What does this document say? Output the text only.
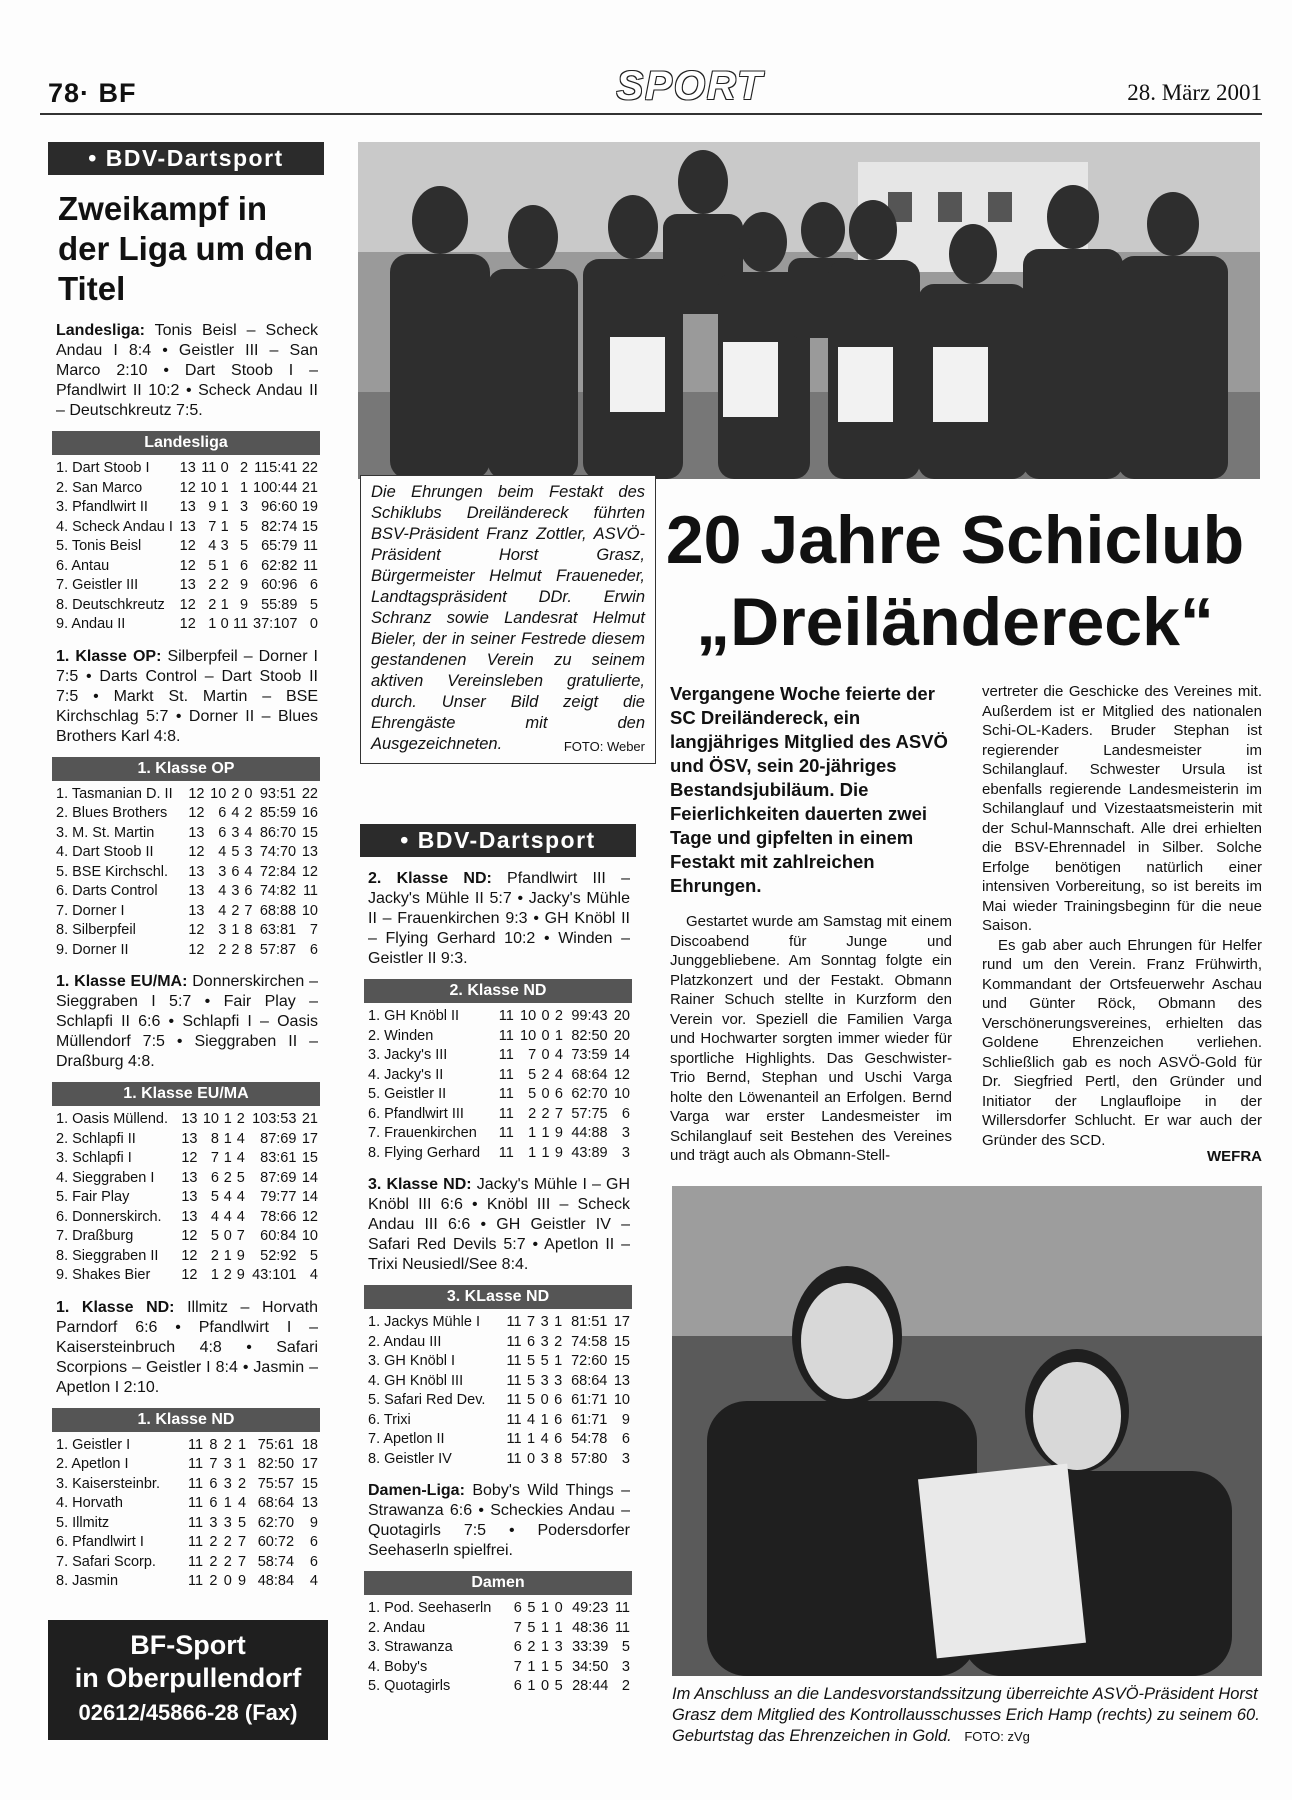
78· BF	SPORT	28. März 2001
• BDV-Dartsport
Zweikampf in der Liga um den Titel

Landesliga: Tonis Beisl – Scheck Andau I 8:4 • Geistler III – San Marco 2:10 • Dart Stoob I – Pfandlwirt II 10:2 • Scheck Andau II – Deutschkreutz 7:5.

Landesliga
1. Dart Stoob I	13	11	0	2	115:41	22
2. San Marco	12	10	1	1	100:44	21
3. Pfandlwirt II	13	9	1	3	96:60	19
4. Scheck Andau I	13	7	1	5	82:74	15
5. Tonis Beisl	12	4	3	5	65:79	11
6. Antau	12	5	1	6	62:82	11
7. Geistler III	13	2	2	9	60:96	6
8. Deutschkreutz	12	2	1	9	55:89	5
9. Andau II	12	1	0	11	37:107	0

1. Klasse OP: Silberpfeil – Dorner I 7:5 • Darts Control – Dart Stoob II 7:5 • Markt St. Martin – BSE Kirchschlag 5:7 • Dorner II – Blues Brothers Karl 4:8.

1. Klasse OP
1. Tasmanian D. II	12	10	2	0	93:51	22
2. Blues Brothers	12	6	4	2	85:59	16
3. M. St. Martin	13	6	3	4	86:70	15
4. Dart Stoob II	12	4	5	3	74:70	13
5. BSE Kirchschl.	13	3	6	4	72:84	12
6. Darts Control	13	4	3	6	74:82	11
7. Dorner I	13	4	2	7	68:88	10
8. Silberpfeil	12	3	1	8	63:81	7
9. Dorner II	12	2	2	8	57:87	6

1. Klasse EU/MA: Donnerskirchen – Sieggraben I 5:7 • Fair Play – Schlapfi II 6:6 • Schlapfi I – Oasis Müllendorf 7:5 • Sieggraben II – Draßburg 4:8.

1. Klasse EU/MA
1. Oasis Müllend.	13	10	1	2	103:53	21
2. Schlapfi II	13	8	1	4	87:69	17
3. Schlapfi I	12	7	1	4	83:61	15
4. Sieggraben I	13	6	2	5	87:69	14
5. Fair Play	13	5	4	4	79:77	14
6. Donnerskirch.	13	4	4	4	78:66	12
7. Draßburg	12	5	0	7	60:84	10
8. Sieggraben II	12	2	1	9	52:92	5
9. Shakes Bier	12	1	2	9	43:101	4

1. Klasse ND: Illmitz – Horvath Parndorf 6:6 • Pfandlwirt I – Kaisersteinbruch 4:8 • Safari Scorpions – Geistler I 8:4 • Jasmin – Apetlon I 2:10.

1. Klasse ND
1. Geistler I	11	8	2	1	75:61	18
2. Apetlon I	11	7	3	1	82:50	17
3. Kaisersteinbr.	11	6	3	2	75:57	15
4. Horvath	11	6	1	4	68:64	13
5. Illmitz	11	3	3	5	62:70	9
6. Pfandlwirt I	11	2	2	7	60:72	6
7. Safari Scorp.	11	2	2	7	58:74	6
8. Jasmin	11	2	0	9	48:84	4
BF-Sport
in Oberpullendorf
02612/45866-28 (Fax)
Die Ehrungen beim Festakt des Schiklubs Dreiländereck führten BSV-Präsident Franz Zottler, ASVÖ-Präsident Horst Grasz, Bürgermeister Helmut Fraueneder, Landtagspräsident DDr. Erwin Schranz sowie Landesrat Helmut Bieler, der in seiner Festrede diesem gestandenen Verein zu seinem aktiven Vereinsleben gratulierte, durch. Unser Bild zeigt die Ehrengäste mit den Ausgezeichneten.	FOTO: Weber
• BDV-Dartsport

2. Klasse ND: Pfandlwirt III – Jacky's Mühle II 5:7 • Jacky's Mühle II – Frauenkirchen 9:3 • GH Knöbl II – Flying Gerhard 10:2 • Winden – Geistler II 9:3.

2. Klasse ND
1. GH Knöbl II	11	10	0	2	99:43	20
2. Winden	11	10	0	1	82:50	20
3. Jacky's III	11	7	0	4	73:59	14
4. Jacky's II	11	5	2	4	68:64	12
5. Geistler II	11	5	0	6	62:70	10
6. Pfandlwirt III	11	2	2	7	57:75	6
7. Frauenkirchen	11	1	1	9	44:88	3
8. Flying Gerhard	11	1	1	9	43:89	3

3. Klasse ND: Jacky's Mühle I – GH Knöbl III 6:6 • Knöbl III – Scheck Andau III 6:6 • GH Geistler IV – Safari Red Devils 5:7 • Apetlon II – Trixi Neusiedl/See 8:4.

3. KLasse ND
1. Jackys Mühle I	11	7	3	1	81:51	17
2. Andau III	11	6	3	2	74:58	15
3. GH Knöbl I	11	5	5	1	72:60	15
4. GH Knöbl III	11	5	3	3	68:64	13
5. Safari Red Dev.	11	5	0	6	61:71	10
6. Trixi	11	4	1	6	61:71	9
7. Apetlon II	11	1	4	6	54:78	6
8. Geistler IV	11	0	3	8	57:80	3

Damen-Liga: Boby's Wild Things – Strawanza 6:6 • Scheckies Andau – Quotagirls 7:5 • Podersdorfer Seehaserln spielfrei.

Damen
1. Pod. Seehaserln	6	5	1	0	49:23	11
2. Andau	7	5	1	1	48:36	11
3. Strawanza	6	2	1	3	33:39	5
4. Boby's	7	1	1	5	34:50	3
5. Quotagirls	6	1	0	5	28:44	2
20 Jahre Schiclub
„Dreiländereck“
Vergangene Woche feierte der SC Dreiländereck, ein langjähriges Mitglied des ASVÖ und ÖSV, sein 20-jähriges Bestandsjubiläum. Die Feierlichkeiten dauerten zwei Tage und gipfelten in einem Festakt mit zahlreichen Ehrungen.
Gestartet wurde am Samstag mit einem Discoabend für Junge und Junggebliebene. Am Sonntag folgte ein Platzkonzert und der Festakt. Obmann Rainer Schuch stellte in Kurzform den Verein vor. Speziell die Familien Varga und Hochwarter sorgten immer wieder für sportliche Highlights. Das Geschwister-Trio Bernd, Stephan und Uschi Varga holte den Löwenanteil an Erfolgen. Bernd Varga war erster Landesmeister im Schilanglauf seit Bestehen des Vereines und trägt auch als Obmann-Stell-
vertreter die Geschicke des Vereines mit. Außerdem ist er Mitglied des nationalen Schi-OL-Kaders. Bruder Stephan ist regierender Landesmeister im Schilanglauf. Schwester Ursula ist ebenfalls regierende Landesmeisterin im Schilanglauf und Vizestaatsmeisterin mit der Schul-Mannschaft. Alle drei erhielten die BSV-Ehrennadel in Silber. Solche Erfolge benötigen natürlich einer intensiven Vorbereitung, so ist bereits im Mai wieder Trainingsbeginn für die neue Saison.
Es gab aber auch Ehrungen für Helfer rund um den Verein. Franz Frühwirth, Kommandant der Ortsfeuerwehr Aschau und Günter Röck, Obmann des Verschönerungsvereines, erhielten das Goldene Ehrenzeichen verliehen. Schließlich gab es noch ASVÖ-Gold für Dr. Siegfried Pertl, den Gründer und Initiator der Lnglaufloipe in der Willersdorfer Schlucht. Er war auch der Gründer des SCD.
WEFRA
Im Anschluss an die Landesvorstandssitzung überreichte ASVÖ-Präsident Horst Grasz dem Mitglied des Kontrollausschusses Erich Hamp (rechts) zu seinem 60. Geburtstag das Ehrenzeichen in Gold. FOTO: zVg
